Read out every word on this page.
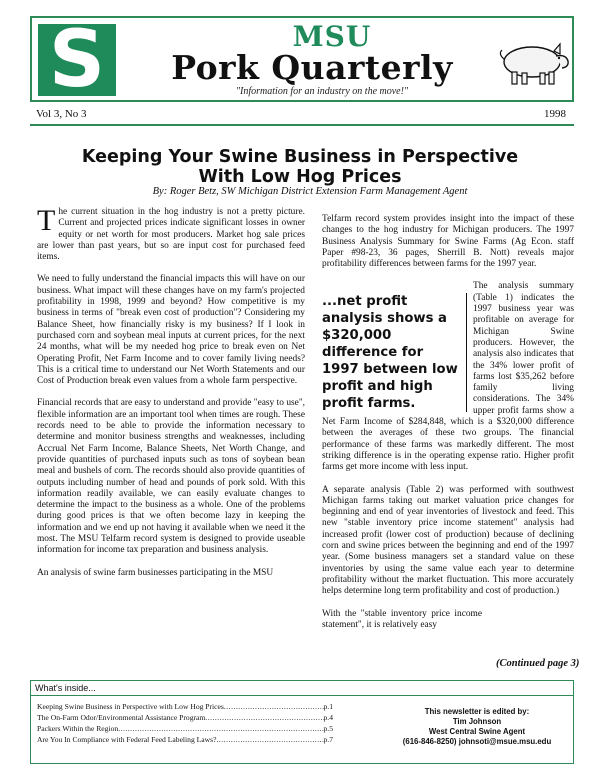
S	MSU
Pork Quarterly
"Information for an industry on the move!"
Vol 3, No 3	1998
Keeping Your Swine Business in Perspective
With Low Hog Prices
By: Roger Betz, SW Michigan District Extension Farm Management Agent

The current situation in the hog industry is not a pretty picture. Current and projected prices indicate significant losses in owner equity or net worth for most producers. Market hog sale prices are lower than past years, but so are input cost for purchased feed items.

We need to fully understand the financial impacts this will have on our business. What impact will these changes have on my farm's projected profitability in 1998, 1999 and beyond? How competitive is my business in terms of "break even cost of production"? Considering my Balance Sheet, how financially risky is my business? If I look in purchased corn and soybean meal inputs at current prices, for the next 24 months, what will be my needed hog price to break even on Net Operating Profit, Net Farm Income and to cover family living needs? This is a critical time to understand our Net Worth Statements and our Cost of Production break even values from a whole farm perspective.

Financial records that are easy to understand and provide "easy to use", flexible information are an important tool when times are rough. These records need to be able to provide the information necessary to determine and monitor business strengths and weaknesses, including Accrual Net Farm Income, Balance Sheets, Net Worth Change, and provide quantities of purchased inputs such as tons of soybean bean meal and bushels of corn. The records should also provide quantities of outputs including number of head and pounds of pork sold. With this information readily available, we can easily evaluate changes to determine the impact to the business as a whole. One of the problems during good prices is that we often become lazy in keeping the information and we end up not having it available when we need it the most. The MSU Telfarm record system is designed to provide useable information for income tax preparation and business analysis.

An analysis of swine farm businesses participating in the MSU

Telfarm record system provides insight into the impact of these changes to the hog industry for Michigan producers. The 1997 Business Analysis Summary for Swine Farms (Ag Econ. staff Paper #98-23, 36 pages, Sherrill B. Nott) reveals major profitability differences between farms for the 1997 year.

...net profit analysis shows a $320,000 difference for 1997 between low profit and high profit farms.

The analysis summary (Table 1) indicates the 1997 business year was profitable on average for Michigan Swine producers. However, the analysis also indicates that the 34% lower profit of farms lost $35,262 before family living considerations. The 34% upper profit farms show a Net Farm Income of $284,848, which is a $320,000 difference between the averages of these two groups. The financial performance of these farms was markedly different. The most striking difference is in the operating expense ratio. Higher profit farms get more income with less input.

A separate analysis (Table 2) was performed with southwest Michigan farms taking out market valuation price changes for beginning and end of year inventories of livestock and feed. This new "stable inventory price income statement" analysis had increased profit (lower cost of production) because of declining corn and swine prices between the beginning and end of the 1997 year. (Some business managers set a standard value on these inventories by using the same value each year to determine profitability without the market fluctuation. This more accurately helps determine long term profitability and cost of production.)

With the "stable inventory price income statement", it is relatively easy

(Continued page 3)
What's inside...
Keeping Swine Business in Perspective with Low Hog Prices .....	p.1
The On-Farm Odor/Environmental Assistance Program .....	p.4
Packers Within the Region .....	p.5
Are You In Compliance with Federal Feed Labeling Laws? .....	p.7
This newsletter is edited by:
Tim Johnson
West Central Swine Agent
(616-846-8250) johnsoti@msue.msu.edu
